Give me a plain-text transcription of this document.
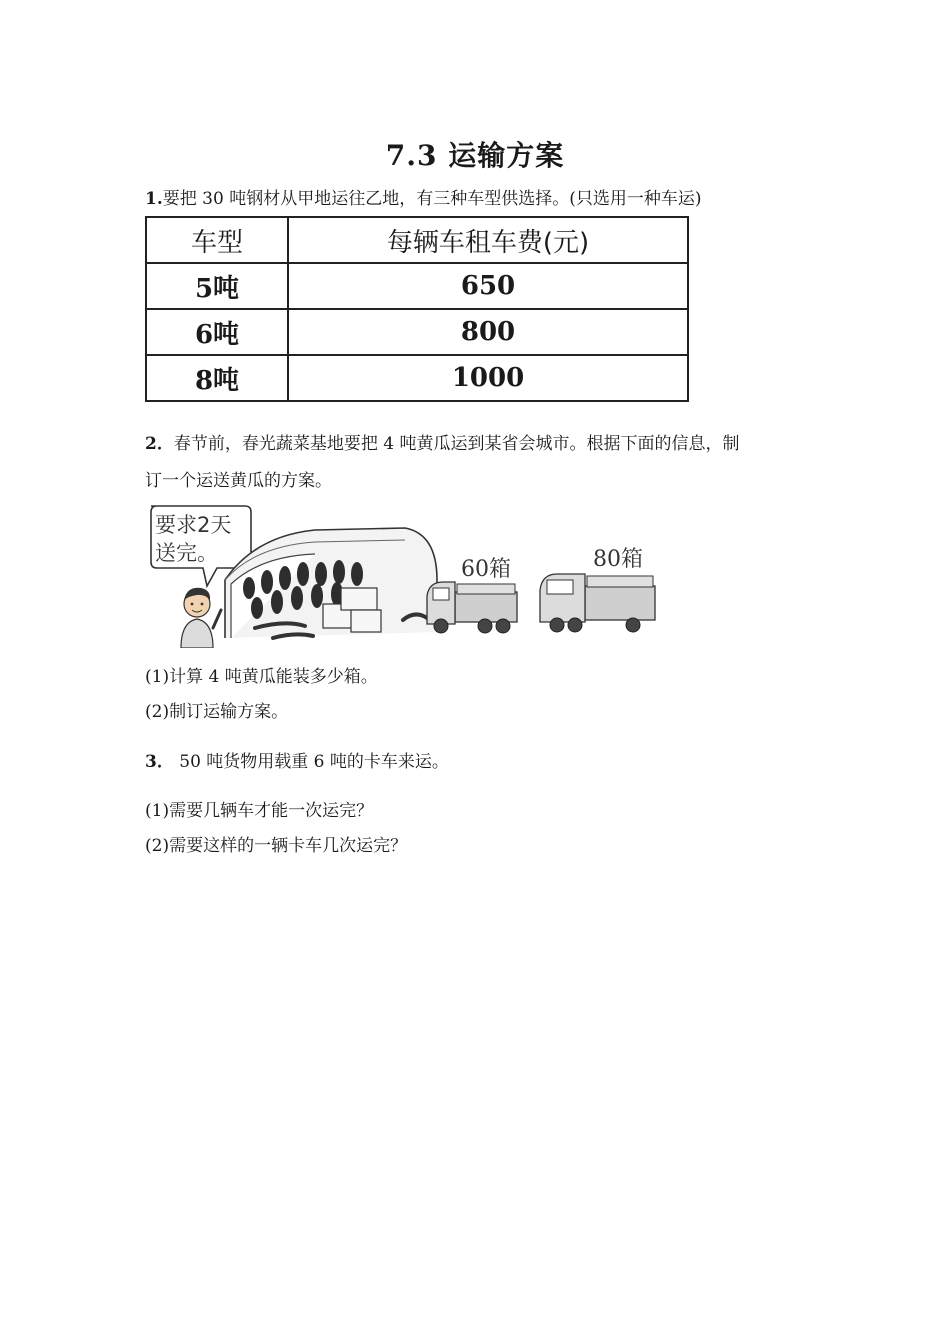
7.3 运输方案
1.要把 30 吨钢材从甲地运往乙地，有三种车型供选择。(只选用一种车运)
车型	每辆车租车费(元)
5吨	650
6吨	800
8吨	1000
2．春节前，春光蔬菜基地要把 4 吨黄瓜运到某省会城市。根据下面的信息，制
订一个运送黄瓜的方案。
要求2天
送完。
60箱	80箱
(1)计算 4 吨黄瓜能装多少箱。
(2)制订运输方案。
3． 50 吨货物用载重 6 吨的卡车来运。
(1)需要几辆车才能一次运完？
(2)需要这样的一辆卡车几次运完？
